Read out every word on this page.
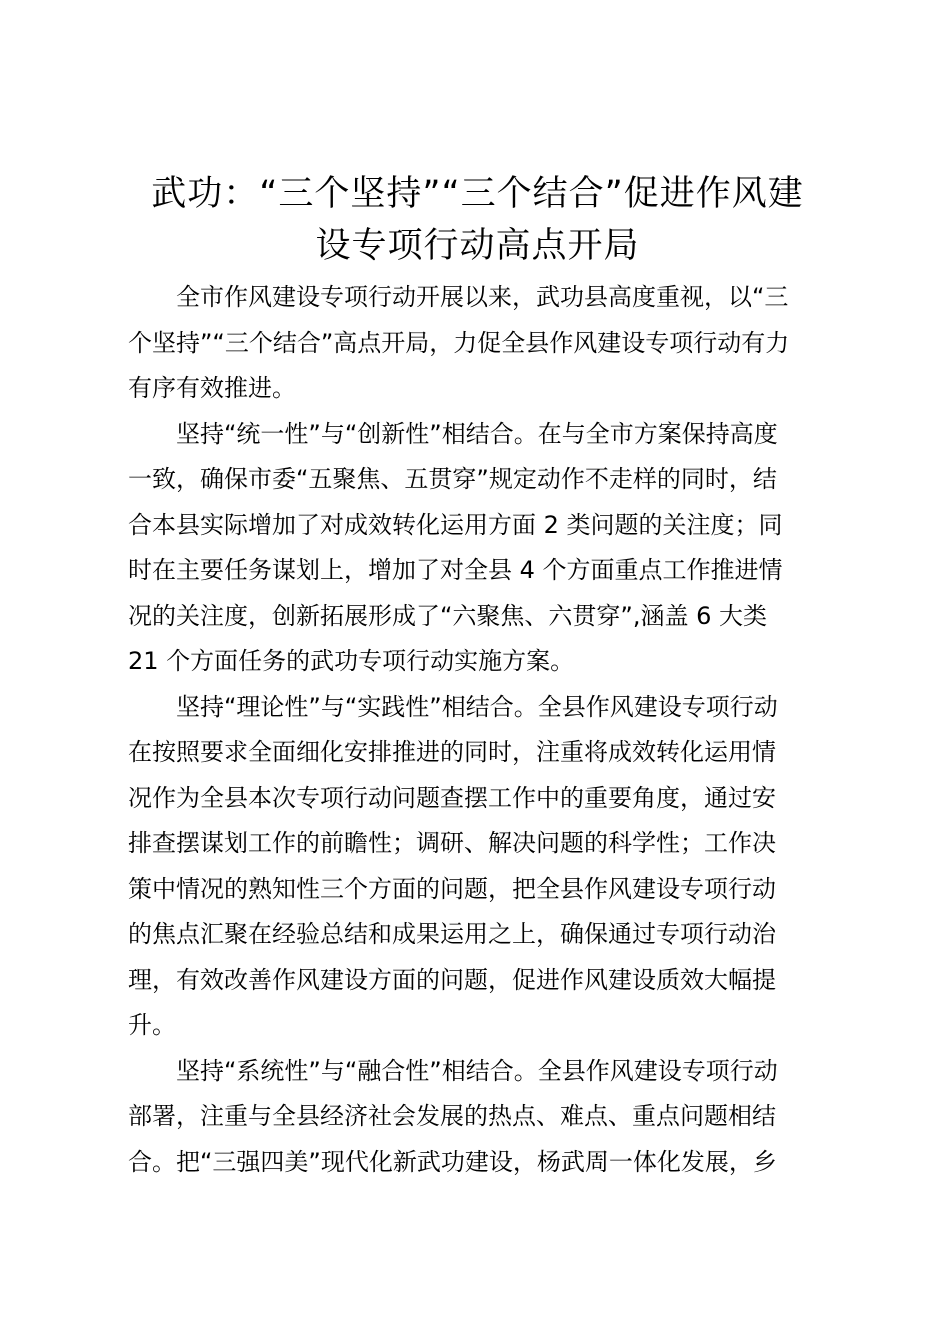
武功：“三个坚持”“三个结合”促进作风建
设专项行动高点开局

全市作风建设专项行动开展以来，武功县高度重视，以“三
个坚持”“三个结合”高点开局，力促全县作风建设专项行动有力
有序有效推进。

坚持“统一性”与“创新性”相结合。在与全市方案保持高度
一致，确保市委“五聚焦、五贯穿”规定动作不走样的同时，结
合本县实际增加了对成效转化运用方面 2 类问题的关注度；同
时在主要任务谋划上，增加了对全县 4 个方面重点工作推进情
况的关注度，创新拓展形成了“六聚焦、六贯穿”,涵盖 6 大类
21 个方面任务的武功专项行动实施方案。

坚持“理论性”与“实践性”相结合。全县作风建设专项行动
在按照要求全面细化安排推进的同时，注重将成效转化运用情
况作为全县本次专项行动问题查摆工作中的重要角度，通过安
排查摆谋划工作的前瞻性；调研、解决问题的科学性；工作决
策中情况的熟知性三个方面的问题，把全县作风建设专项行动
的焦点汇聚在经验总结和成果运用之上，确保通过专项行动治
理，有效改善作风建设方面的问题，促进作风建设质效大幅提
升。

坚持“系统性”与“融合性”相结合。全县作风建设专项行动
部署，注重与全县经济社会发展的热点、难点、重点问题相结
合。把“三强四美”现代化新武功建设，杨武周一体化发展，乡
